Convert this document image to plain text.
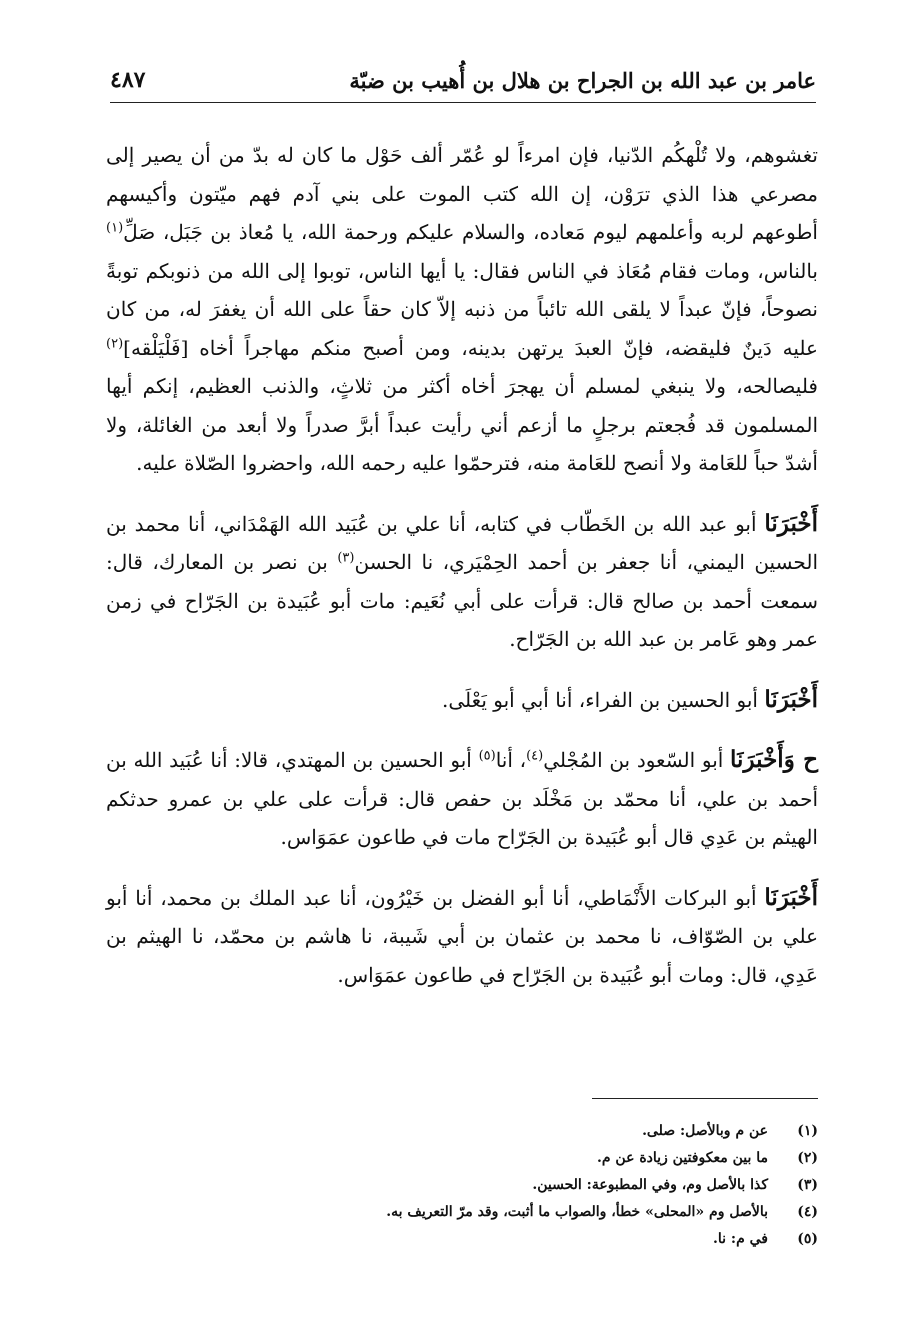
عامر بن عبد الله بن الجراح بن هلال بن أُهيب بن ضبّة
٤٨٧

تغشوهم، ولا تُلْهكُم الدّنيا، فإن امرءاً لو عُمّر ألف حَوْل ما كان له بدّ من أن يصير إلى مصرعي هذا الذي ترَوْن، إن الله كتب الموت على بني آدم فهم ميّتون وأكيسهم أطوعهم لربه وأعلمهم ليوم مَعاده، والسلام عليكم ورحمة الله، يا مُعاذ بن جَبَل، صَلِّ$^{(١)}$ بالناس، ومات فقام مُعَاذ في الناس فقال: يا أيها الناس، توبوا إلى الله من ذنوبكم توبةً نصوحاً، فإنّ عبداً لا يلقى الله تائباً من ذنبه إلاّ كان حقاً على الله أن يغفرَ له، من كان عليه دَينٌ فليقضه، فإنّ العبدَ يرتهن بدينه، ومن أصبح منكم مهاجراً أخاه [فَلْيَلْقه]$^{(٢)}$ فليصالحه، ولا ينبغي لمسلم أن يهجرَ أخاه أكثر من ثلاثٍ، والذنب العظيم، إنكم أيها المسلمون قد فُجعتم برجلٍ ما أزعم أني رأيت عبداً أبرَّ صدراً ولا أبعد من الغائلة، ولا أشدّ حباً للعَامة ولا أنصح للعَامة منه، فترحمّوا عليه رحمه الله، واحضروا الصّلاة عليه.

أَخْبَرَنَا أبو عبد الله بن الخَطّاب في كتابه، أنا علي بن عُبَيد الله الهَمْدَاني، أنا محمد بن الحسين اليمني، أنا جعفر بن أحمد الحِمْيَري، نا الحسن$^{(٣)}$ بن نصر بن المعارك، قال: سمعت أحمد بن صالح قال: قرأت على أبي نُعَيم: مات أبو عُبَيدة بن الجَرّاح في زمن عمر وهو عَامر بن عبد الله بن الجَرّاح.

أَخْبَرَنَا أبو الحسين بن الفراء، أنا أبي أبو يَعْلَى.

ح وَأَخْبَرَنَا أبو السّعود بن المُجْلي$^{(٤)}$، أنا$^{(٥)}$ أبو الحسين بن المهتدي، قالا: أنا عُبَيد الله بن أحمد بن علي، أنا محمّد بن مَخْلَد بن حفص قال: قرأت على علي بن عمرو حدثكم الهيثم بن عَدِي قال أبو عُبَيدة بن الجَرّاح مات في طاعون عمَوَاس.

أَخْبَرَنَا أبو البركات الأَنْمَاطي، أنا أبو الفضل بن خَيْرُون، أنا عبد الملك بن محمد، أنا أبو علي بن الصّوّاف، نا محمد بن عثمان بن أبي شَيبة، نا هاشم بن محمّد، نا الهيثم بن عَدِي، قال: ومات أبو عُبَيدة بن الجَرّاح في طاعون عمَوَاس.

(١)
عن م وبالأصل: صلى.
(٢)
ما بين معكوفتين زيادة عن م.
(٣)
كذا بالأصل وم، وفي المطبوعة: الحسين.
(٤)
بالأصل وم «المحلى» خطأ، والصواب ما أثبت، وقد مرّ التعريف به.
(٥)
في م: نا.
